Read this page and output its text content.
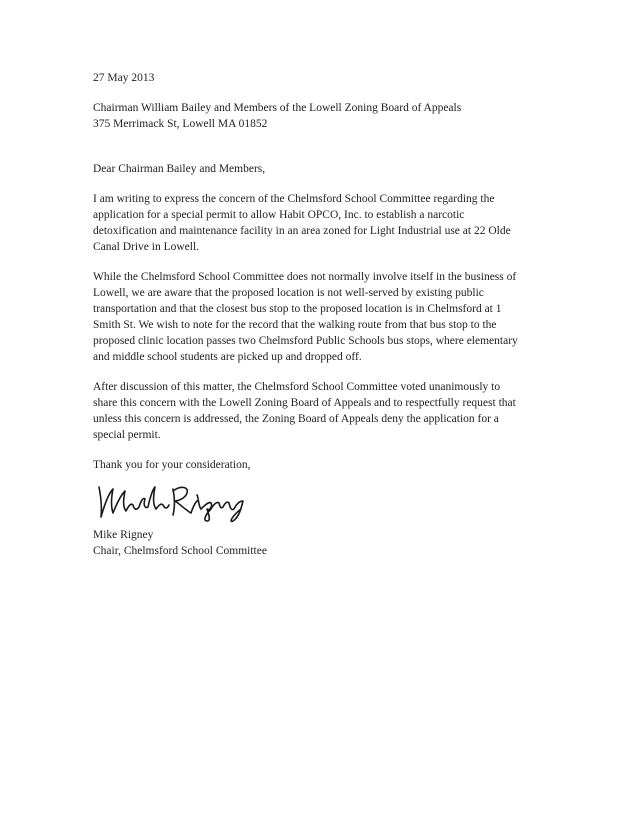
27 May 2013
Chairman William Bailey and Members of the Lowell Zoning Board of Appeals
375 Merrimack St, Lowell MA 01852
Dear Chairman Bailey and Members,
I am writing to express the concern of the Chelmsford School Committee regarding the
application for a special permit to allow Habit OPCO, Inc. to establish a narcotic
detoxification and maintenance facility in an area zoned for Light Industrial use at 22 Olde
Canal Drive in Lowell.
While the Chelmsford School Committee does not normally involve itself in the business of
Lowell, we are aware that the proposed location is not well-served by existing public
transportation and that the closest bus stop to the proposed location is in Chelmsford at 1
Smith St. We wish to note for the record that the walking route from that bus stop to the
proposed clinic location passes two Chelmsford Public Schools bus stops, where elementary
and middle school students are picked up and dropped off.
After discussion of this matter, the Chelmsford School Committee voted unanimously to
share this concern with the Lowell Zoning Board of Appeals and to respectfully request that
unless this concern is addressed, the Zoning Board of Appeals deny the application for a
special permit.
Thank you for your consideration,
Mike Rigney
Chair, Chelmsford School Committee
